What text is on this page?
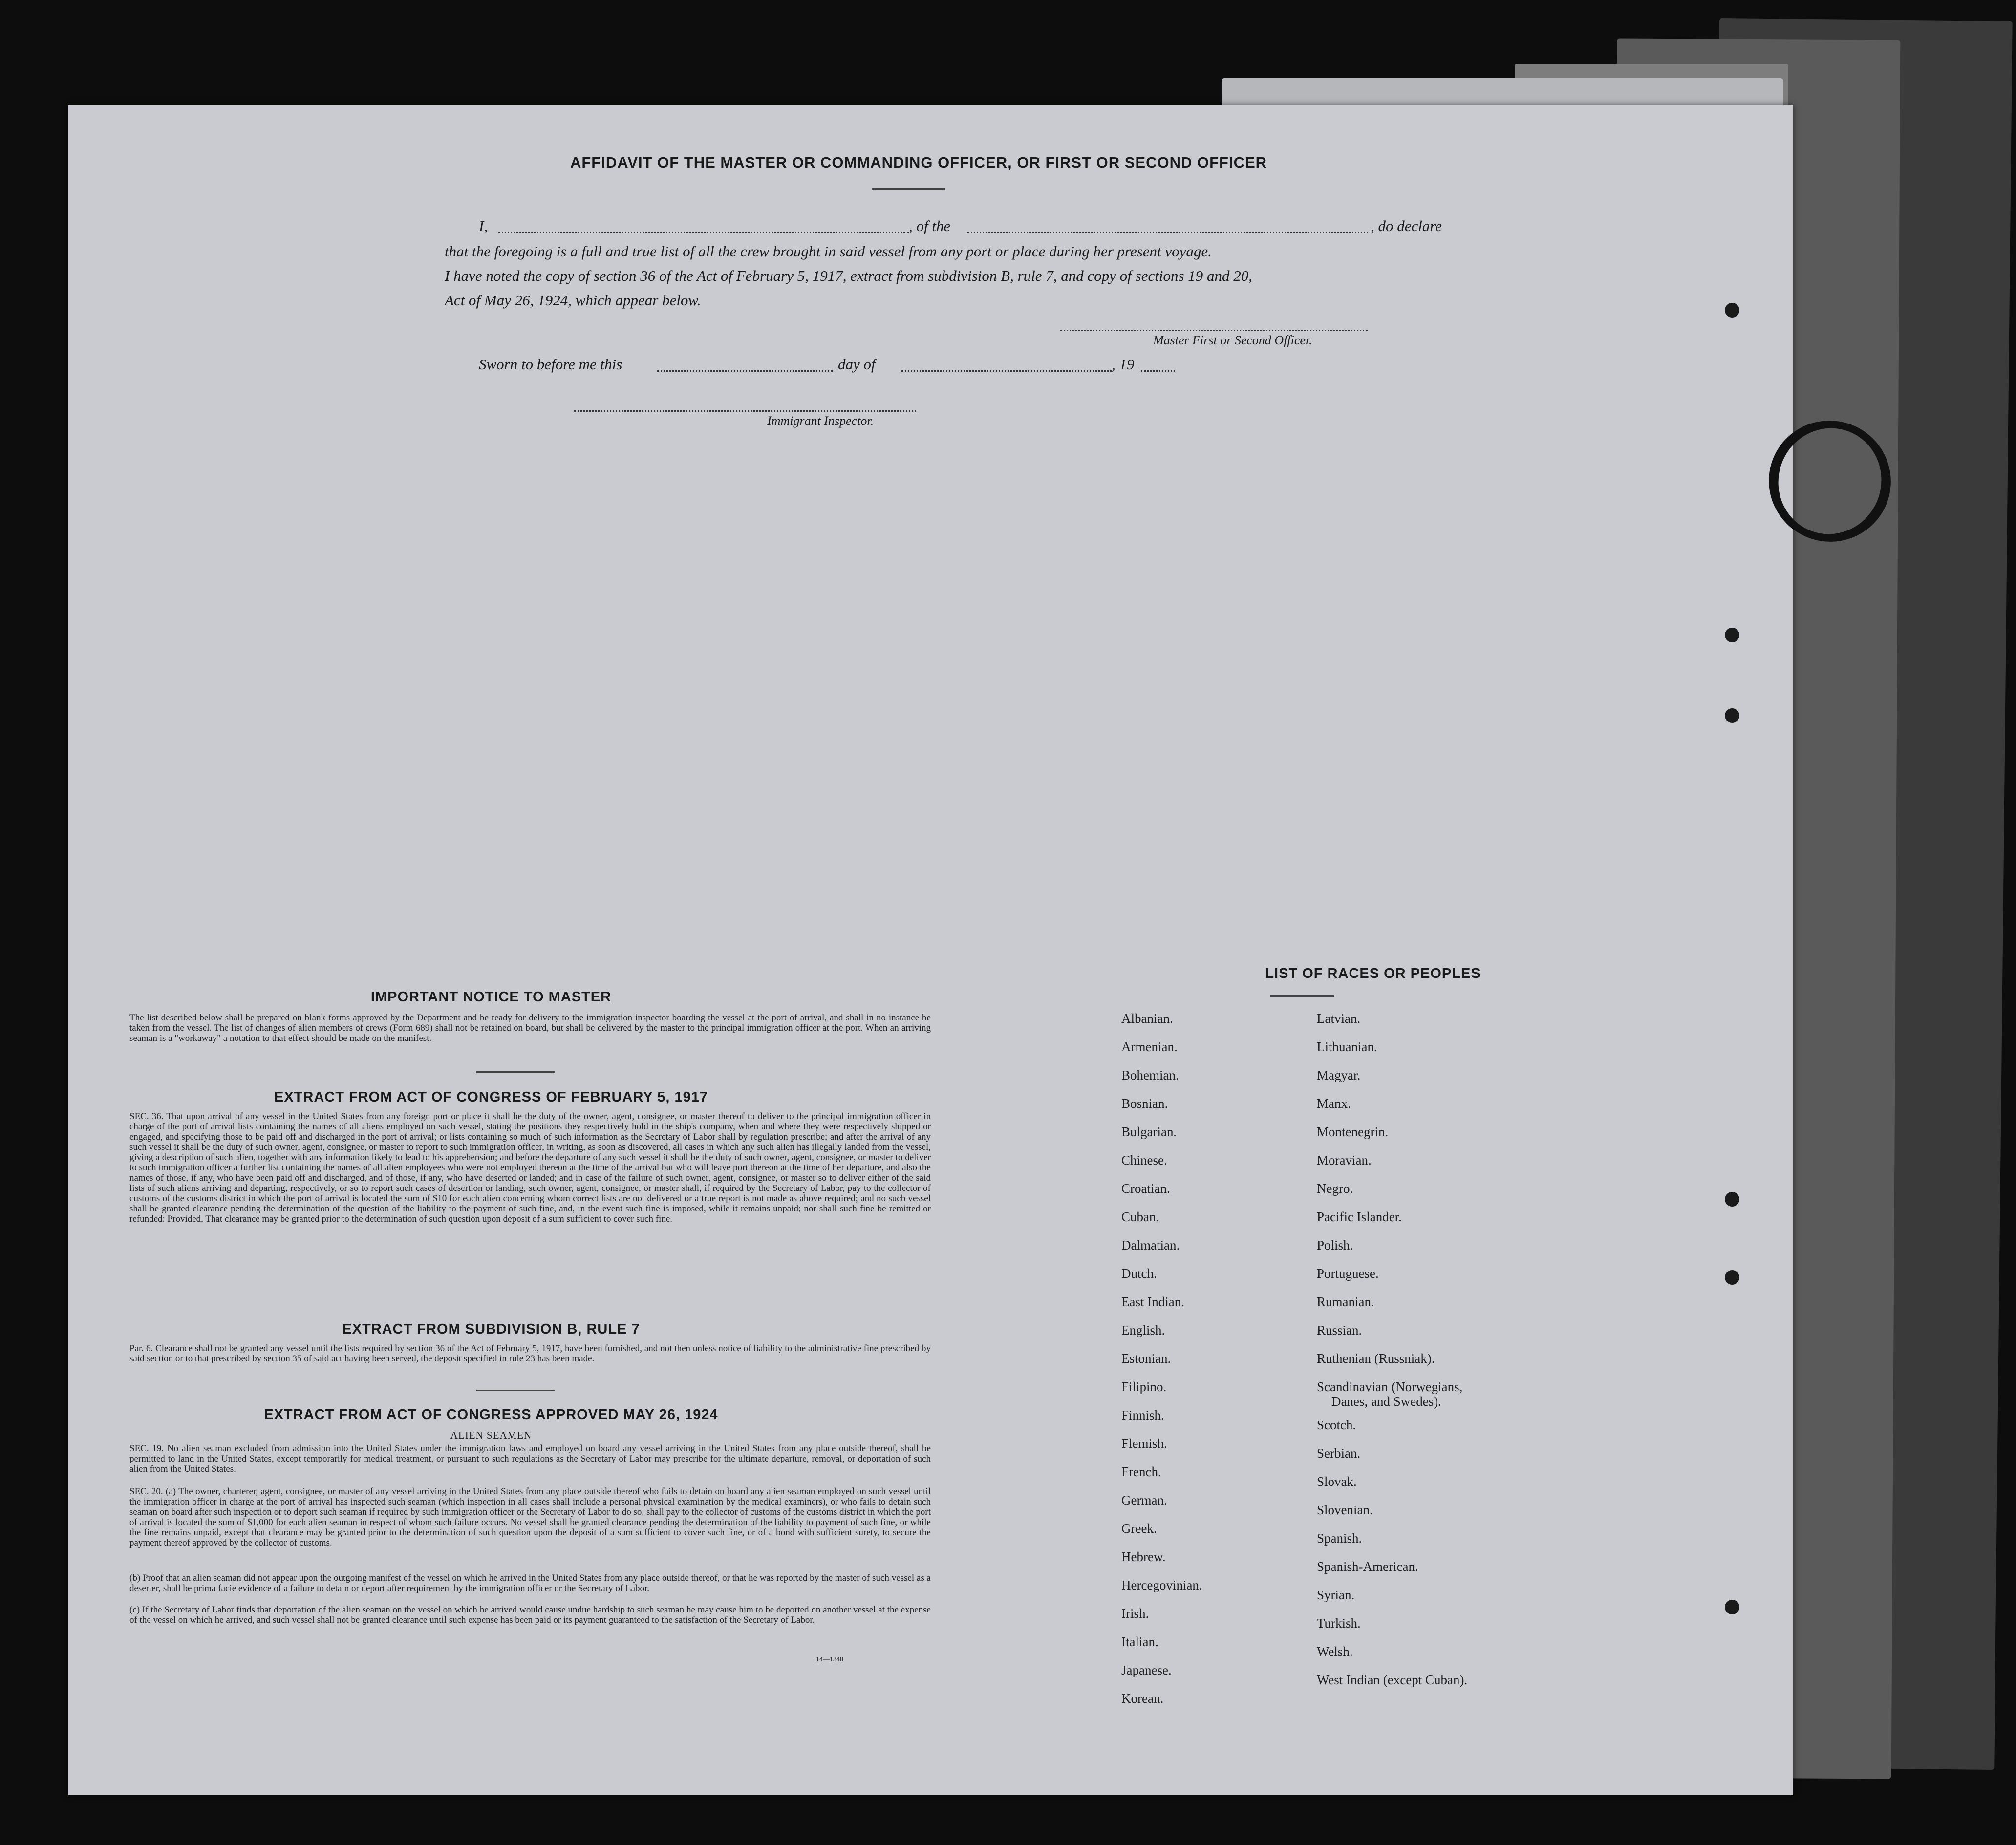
AFFIDAVIT OF THE MASTER OR COMMANDING OFFICER, OR FIRST OR SECOND OFFICER
I,	, of the	, do declare
that the foregoing is a full and true list of all the crew brought in said vessel from any port or place during her present voyage.
I have noted the copy of section 36 of the Act of February 5, 1917, extract from subdivision B, rule 7, and copy of sections 19 and 20,
Act of May 26, 1924, which appear below.
Master First or Second Officer.
Sworn to before me this	day of	, 19
Immigrant Inspector.
IMPORTANT NOTICE TO MASTER
The list described below shall be prepared on blank forms approved by the Department and be ready for delivery to the immigration inspector boarding the vessel at the port of arrival, and shall in no instance be taken from the vessel. The list of changes of alien members of crews (Form 689) shall not be retained on board, but shall be delivered by the master to the principal immigration officer at the port. When an arriving seaman is a "workaway" a notation to that effect should be made on the manifest.
EXTRACT FROM ACT OF CONGRESS OF FEBRUARY 5, 1917
SEC. 36. That upon arrival of any vessel in the United States from any foreign port or place it shall be the duty of the owner, agent, consignee, or master thereof to deliver to the principal immigration officer in charge of the port of arrival lists containing the names of all aliens employed on such vessel, stating the positions they respectively hold in the ship's company, when and where they were respectively shipped or engaged, and specifying those to be paid off and discharged in the port of arrival; or lists containing so much of such information as the Secretary of Labor shall by regulation prescribe; and after the arrival of any such vessel it shall be the duty of such owner, agent, consignee, or master to report to such immigration officer, in writing, as soon as discovered, all cases in which any such alien has illegally landed from the vessel, giving a description of such alien, together with any information likely to lead to his apprehension; and before the departure of any such vessel it shall be the duty of such owner, agent, consignee, or master to deliver to such immigration officer a further list containing the names of all alien employees who were not employed thereon at the time of the arrival but who will leave port thereon at the time of her departure, and also the names of those, if any, who have been paid off and discharged, and of those, if any, who have deserted or landed; and in case of the failure of such owner, agent, consignee, or master so to deliver either of the said lists of such aliens arriving and departing, respectively, or so to report such cases of desertion or landing, such owner, agent, consignee, or master shall, if required by the Secretary of Labor, pay to the collector of customs of the customs district in which the port of arrival is located the sum of $10 for each alien concerning whom correct lists are not delivered or a true report is not made as above required; and no such vessel shall be granted clearance pending the determination of the question of the liability to the payment of such fine, and, in the event such fine is imposed, while it remains unpaid; nor shall such fine be remitted or refunded: Provided, That clearance may be granted prior to the determination of such question upon deposit of a sum sufficient to cover such fine.
EXTRACT FROM SUBDIVISION B, RULE 7
Par. 6. Clearance shall not be granted any vessel until the lists required by section 36 of the Act of February 5, 1917, have been furnished, and not then unless notice of liability to the administrative fine prescribed by said section or to that prescribed by section 35 of said act having been served, the deposit specified in rule 23 has been made.
EXTRACT FROM ACT OF CONGRESS APPROVED MAY 26, 1924
ALIEN SEAMEN
SEC. 19. No alien seaman excluded from admission into the United States under the immigration laws and employed on board any vessel arriving in the United States from any place outside thereof, shall be permitted to land in the United States, except temporarily for medical treatment, or pursuant to such regulations as the Secretary of Labor may prescribe for the ultimate departure, removal, or deportation of such alien from the United States.
SEC. 20. (a) The owner, charterer, agent, consignee, or master of any vessel arriving in the United States from any place outside thereof who fails to detain on board any alien seaman employed on such vessel until the immigration officer in charge at the port of arrival has inspected such seaman (which inspection in all cases shall include a personal physical examination by the medical examiners), or who fails to detain such seaman on board after such inspection or to deport such seaman if required by such immigration officer or the Secretary of Labor to do so, shall pay to the collector of customs of the customs district in which the port of arrival is located the sum of $1,000 for each alien seaman in respect of whom such failure occurs. No vessel shall be granted clearance pending the determination of the liability to payment of such fine, or while the fine remains unpaid, except that clearance may be granted prior to the determination of such question upon the deposit of a sum sufficient to cover such fine, or of a bond with sufficient surety, to secure the payment thereof approved by the collector of customs.
(b) Proof that an alien seaman did not appear upon the outgoing manifest of the vessel on which he arrived in the United States from any place outside thereof, or that he was reported by the master of such vessel as a deserter, shall be prima facie evidence of a failure to detain or deport after requirement by the immigration officer or the Secretary of Labor.
(c) If the Secretary of Labor finds that deportation of the alien seaman on the vessel on which he arrived would cause undue hardship to such seaman he may cause him to be deported on another vessel at the expense of the vessel on which he arrived, and such vessel shall not be granted clearance until such expense has been paid or its payment guaranteed to the satisfaction of the Secretary of Labor.
14—1340
LIST OF RACES OR PEOPLES
Albanian.
Armenian.
Bohemian.
Bosnian.
Bulgarian.
Chinese.
Croatian.
Cuban.
Dalmatian.
Dutch.
East Indian.
English.
Estonian.
Filipino.
Finnish.
Flemish.
French.
German.
Greek.
Hebrew.
Hercegovinian.
Irish.
Italian.
Japanese.
Korean.
Latvian.
Lithuanian.
Magyar.
Manx.
Montenegrin.
Moravian.
Negro.
Pacific Islander.
Polish.
Portuguese.
Rumanian.
Russian.
Ruthenian (Russniak).
Scandinavian (Norwegians,
Danes, and Swedes).
Scotch.
Serbian.
Slovak.
Slovenian.
Spanish.
Spanish-American.
Syrian.
Turkish.
Welsh.
West Indian (except Cuban).
